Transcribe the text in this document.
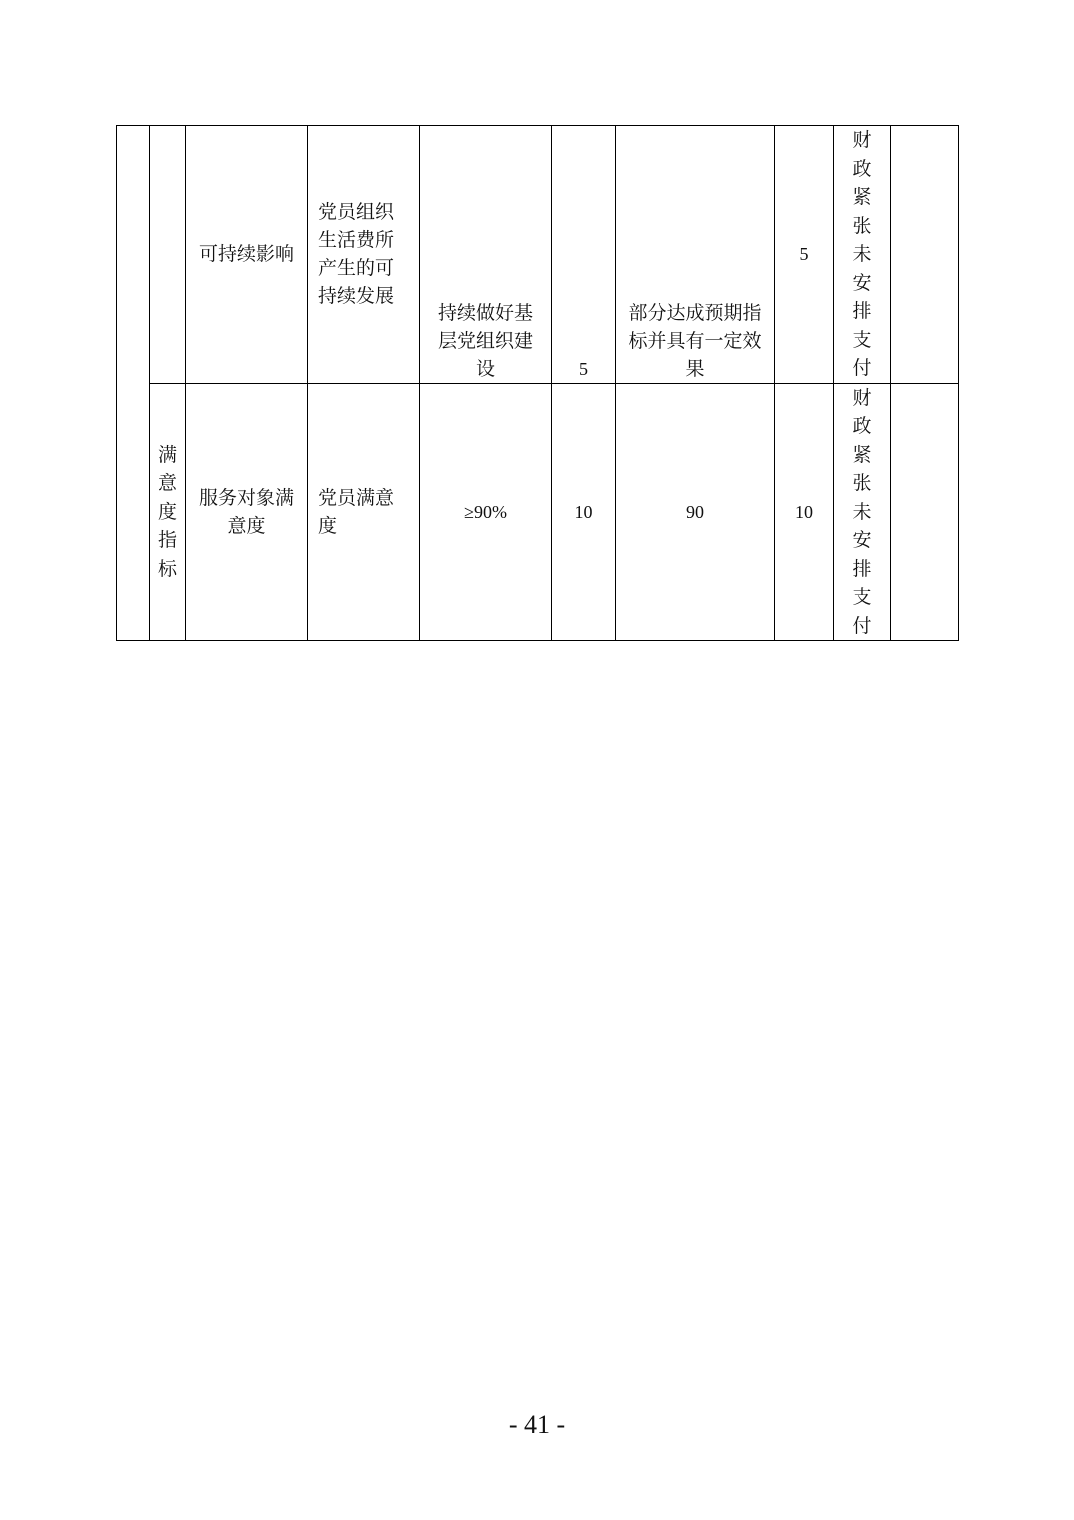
		可持续影响	党员组织生活费所产生的可持续发展	持续做好基层党组织建设	5	部分达成预期指标并具有一定效果	5	财政紧张未安排支付	

	满意度指标	服务对象满意度	党员满意度	≥90%	10	90	10	财政紧张未安排支付	

- 41 -
